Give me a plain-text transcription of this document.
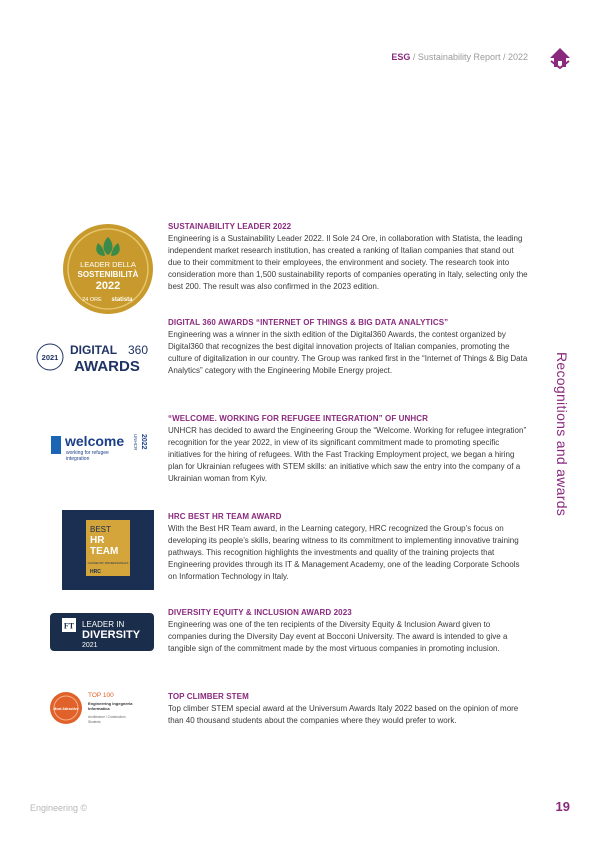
ESG / Sustainability Report / 2022
Recognitions and awards
LEADER DELLA
SOSTENIBILITÀ
2022
24 ORE statista
2021
DIGITAL 360
AWARDS
welcome
working for refugee
integration
UNHCR 2022
BEST
HR
TEAM
CHOSEN BY PROFESSIONALS
HRC
FT LEADER IN
DIVERSITY
2021
Most Attractive
TOP 100
Engineering Ingegneria
Informatica
Architecture / Construction
Students
SUSTAINABILITY LEADER 2022

Engineering is a Sustainability Leader 2022. Il Sole 24 Ore, in collaboration with Statista, the leading independent market research institution, has created a ranking of Italian companies that stand out due to their commitment to their employees, the environment and society. The research took into consideration more than 1,500 sustainability reports of companies operating in Italy, selecting only the best 200. The result was also confirmed in the 2023 edition.

DIGITAL 360 AWARDS “INTERNET OF THINGS & BIG DATA ANALYTICS”

Engineering was a winner in the sixth edition of the Digital360 Awards, the contest organized by Digital360 that recognizes the best digital innovation projects of Italian companies, promoting the culture of digitalization in our country. The Group was ranked first in the “Internet of Things & Big Data Analytics” category with the Engineering Mobile Energy project.

“WELCOME. WORKING FOR REFUGEE INTEGRATION” OF UNHCR

UNHCR has decided to award the Engineering Group the “Welcome. Working for refugee integration” recognition for the year 2022, in view of its significant commitment made to promoting specific initiatives for the hiring of refugees. With the Fast Tracking Employment project, we began a hiring plan for Ukrainian refugees with STEM skills: an initiative which saw the entry into the company of a Ukrainian woman from Kyiv.

HRC BEST HR TEAM AWARD

With the Best HR Team award, in the Learning category, HRC recognized the Group’s focus on developing its people’s skills, bearing witness to its commitment to implementing innovative training pathways. This recognition highlights the investments and quality of the training projects that Engineering provides through its IT & Management Academy, one of the leading Corporate Schools on Information Technology in Italy.

DIVERSITY EQUITY & INCLUSION AWARD 2023

Engineering was one of the ten recipients of the Diversity Equity & Inclusion Award given to companies during the Diversity Day event at Bocconi University. The award is intended to give a tangible sign of the commitment made by the most virtuous companies in promoting inclusion.

TOP CLIMBER STEM

Top climber STEM special award at the Universum Awards Italy 2022 based on the opinion of more than 40 thousand students about the companies where they would prefer to work.

Engineering ©	19
